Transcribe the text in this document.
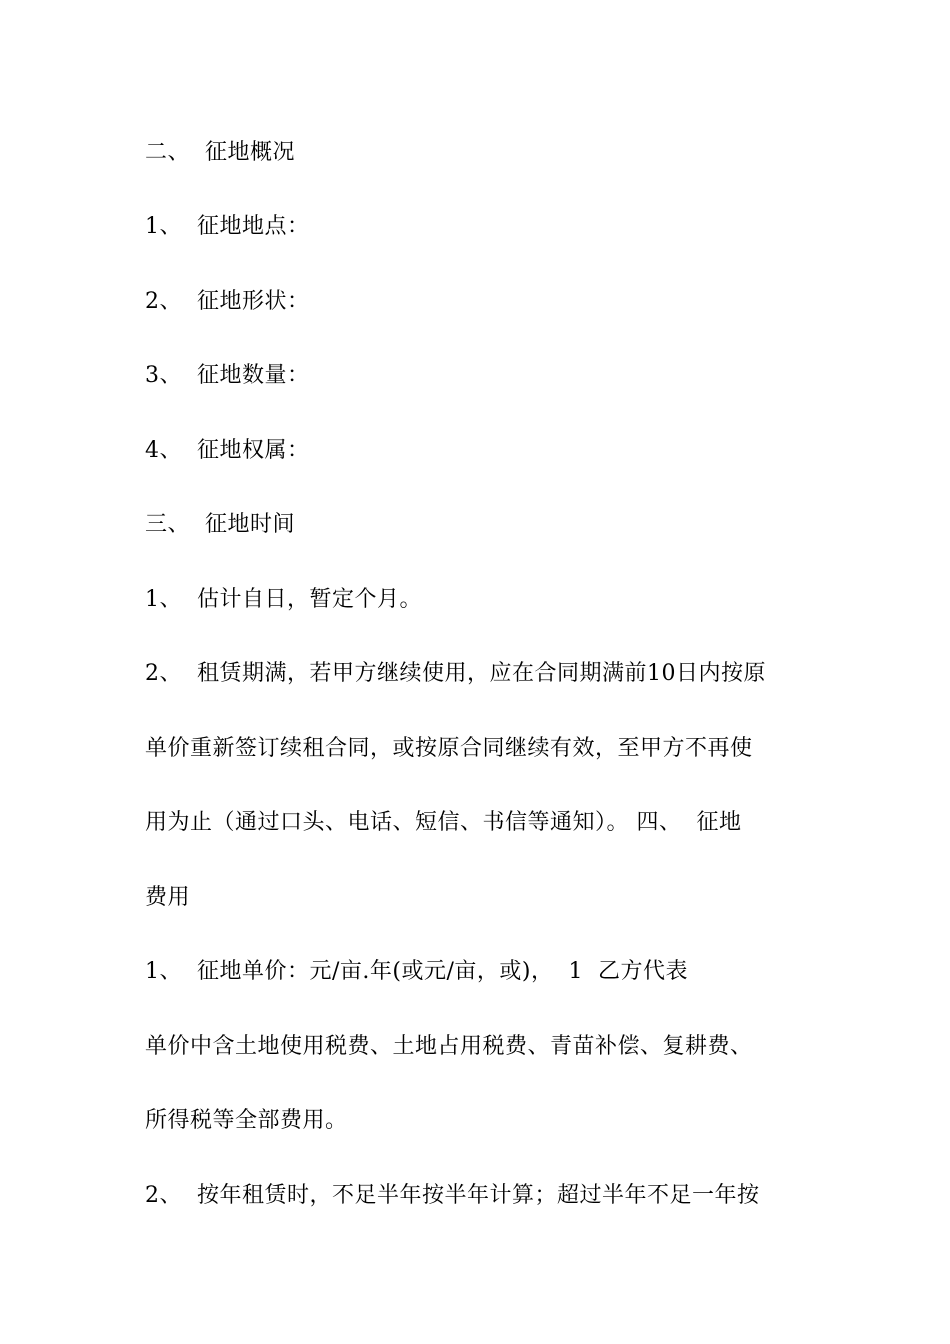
二、  征地概况
1、  征地地点：
2、  征地形状：
3、  征地数量：
4、  征地权属：
三、  征地时间
1、  估计自日，暂定个月。
2、  租赁期满，若甲方继续使用，应在合同期满前10日内按原
单价重新签订续租合同，或按原合同继续有效，至甲方不再使
用为止（通过口头、电话、短信、书信等通知）。 四、  征地
费用
1、  征地单价：元/亩.年(或元/亩，或)，  1  乙方代表
单价中含土地使用税费、土地占用税费、青苗补偿、复耕费、
所得税等全部费用。
2、  按年租赁时，不足半年按半年计算；超过半年不足一年按
